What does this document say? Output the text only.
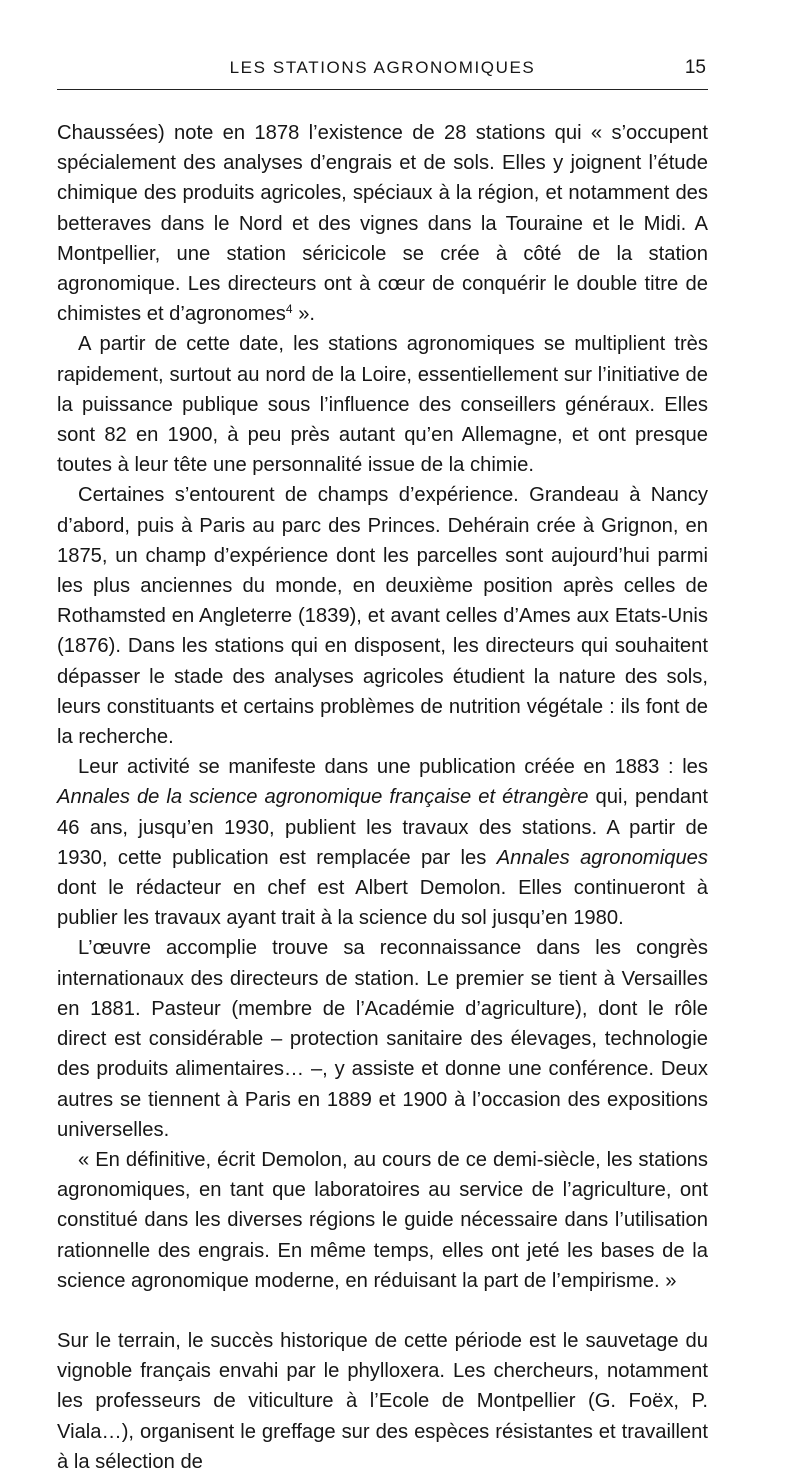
LES STATIONS AGRONOMIQUES	15

Chaussées) note en 1878 l’existence de 28 stations qui « s’occupent spécialement des analyses d’engrais et de sols. Elles y joignent l’étude chimique des produits agricoles, spéciaux à la région, et notamment des betteraves dans le Nord et des vignes dans la Touraine et le Midi. A Montpellier, une station séricicole se crée à côté de la station agronomique. Les directeurs ont à cœur de conquérir le double titre de chimistes et d’agronomes$^4$ ».

A partir de cette date, les stations agronomiques se multiplient très rapidement, surtout au nord de la Loire, essentiellement sur l’initiative de la puissance publique sous l’influence des conseillers généraux. Elles sont 82 en 1900, à peu près autant qu’en Allemagne, et ont presque toutes à leur tête une personnalité issue de la chimie.

Certaines s’entourent de champs d’expérience. Grandeau à Nancy d’abord, puis à Paris au parc des Princes. Dehérain crée à Grignon, en 1875, un champ d’expérience dont les parcelles sont aujourd’hui parmi les plus anciennes du monde, en deuxième position après celles de Rothamsted en Angleterre (1839), et avant celles d’Ames aux Etats-Unis (1876). Dans les stations qui en disposent, les directeurs qui souhaitent dépasser le stade des analyses agricoles étudient la nature des sols, leurs constituants et certains problèmes de nutrition végétale : ils font de la recherche.

Leur activité se manifeste dans une publication créée en 1883 : les Annales de la science agronomique française et étrangère qui, pendant 46 ans, jusqu’en 1930, publient les travaux des stations. A partir de 1930, cette publication est remplacée par les Annales agronomiques dont le rédacteur en chef est Albert Demolon. Elles continueront à publier les travaux ayant trait à la science du sol jusqu’en 1980.

L’œuvre accomplie trouve sa reconnaissance dans les congrès internationaux des directeurs de station. Le premier se tient à Versailles en 1881. Pasteur (membre de l’Académie d’agriculture), dont le rôle direct est considérable – protection sanitaire des élevages, technologie des produits alimentaires… –, y assiste et donne une conférence. Deux autres se tiennent à Paris en 1889 et 1900 à l’occasion des expositions universelles.

« En définitive, écrit Demolon, au cours de ce demi-siècle, les stations agronomiques, en tant que laboratoires au service de l’agriculture, ont constitué dans les diverses régions le guide nécessaire dans l’utilisation rationnelle des engrais. En même temps, elles ont jeté les bases de la science agronomique moderne, en réduisant la part de l’empirisme. »

Sur le terrain, le succès historique de cette période est le sauvetage du vignoble français envahi par le phylloxera. Les chercheurs, notamment les professeurs de viticulture à l’Ecole de Montpellier (G. Foëx, P. Viala…), organisent le greffage sur des espèces résistantes et travaillent à la sélection de
